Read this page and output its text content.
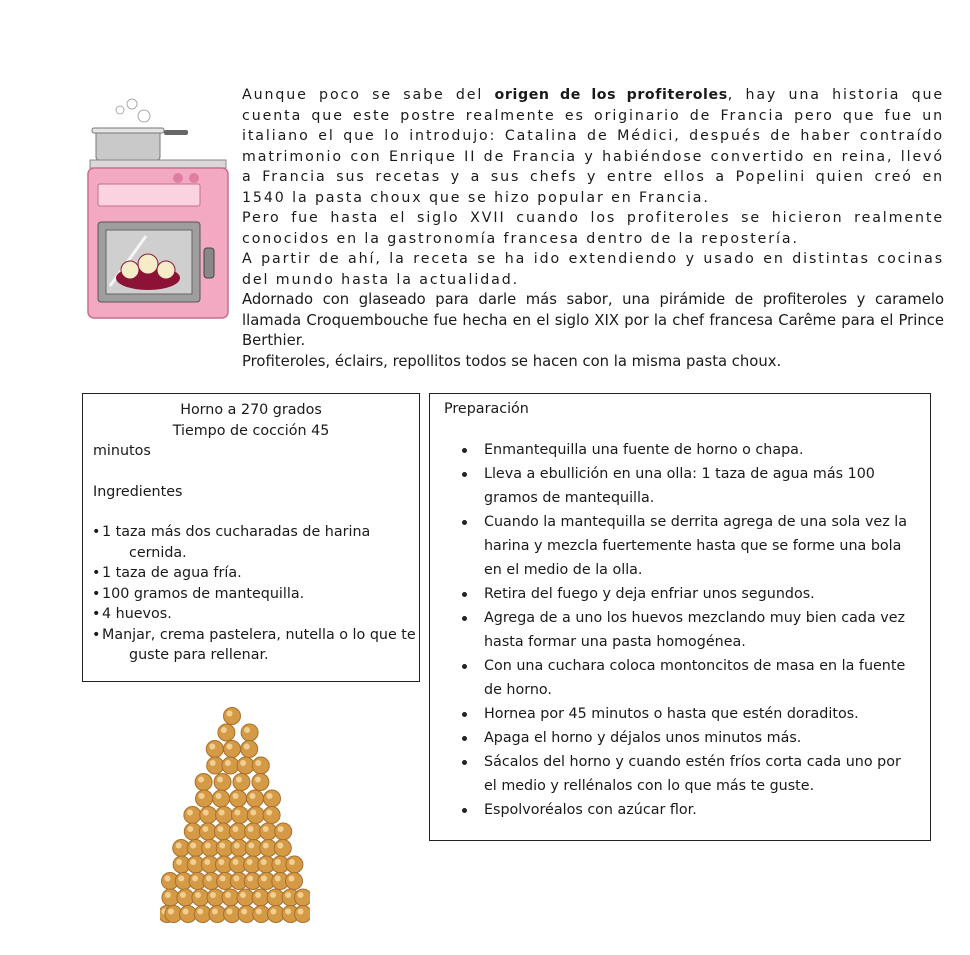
Aunque poco se sabe del origen de los profiteroles, hay una historia que cuenta que este postre realmente es originario de Francia pero que fue un italiano el que lo introdujo: Catalina de Médici, después de haber contraído matrimonio con Enrique II de Francia y habiéndose convertido en reina, llevó a Francia sus recetas y a sus chefs y entre ellos a Popelini quien creó en 1540 la pasta choux que se hizo popular en Francia.

Pero fue hasta el siglo XVII cuando los profiteroles se hicieron realmente conocidos en la gastronomía francesa dentro de la repostería.

A partir de ahí, la receta se ha ido extendiendo y usado en distintas cocinas del mundo hasta la actualidad.

Adornado con glaseado para darle más sabor, una pirámide de profiteroles y caramelo llamada Croquembouche fue hecha en el siglo XIX por la chef francesa Carême para el Prince Berthier.

Profiteroles, éclairs, repollitos todos se hacen con la misma pasta choux.

Horno a 270 grados
Tiempo de cocción 45
minutos
Ingredientes
• 1 taza más dos cucharadas de harina cernida.
• 1 taza de agua fría.
• 100 gramos de mantequilla.
• 4 huevos.
• Manjar, crema pastelera, nutella o lo que te guste para rellenar.
Preparación
Enmantequilla una fuente de horno o chapa.
Lleva a ebullición en una olla: 1 taza de agua más 100 gramos de mantequilla.
Cuando la mantequilla se derrita agrega de una sola vez la harina y mezcla fuertemente hasta que se forme una bola en el medio de la olla.
Retira del fuego y deja enfriar unos segundos.
Agrega de a uno los huevos mezclando muy bien cada vez hasta formar una pasta homogénea.
Con una cuchara coloca montoncitos de masa en la fuente de horno.
Hornea por 45 minutos o hasta que estén doraditos.
Apaga el horno y déjalos unos minutos más.
Sácalos del horno y cuando estén fríos corta cada uno por el medio y rellénalos con lo que más te guste.
Espolvoréalos con azúcar flor.
